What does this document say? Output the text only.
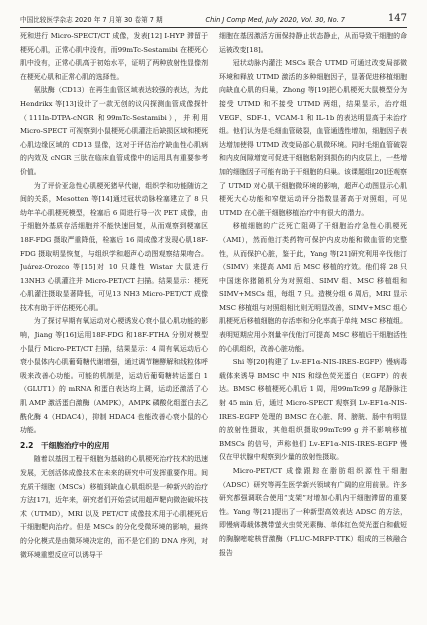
中国比较医学杂志 2020 年 7 月第 30 卷第 7 期	Chin J Comp Med, July 2020, Vol. 30, No. 7	147

死和进行 Micro-SPECT/CT 成像，发表[12] I-HYP 滞留于梗死心肌，正常心肌中没有，而99mTc-Sestamibi 在梗死心肌中没有，正常心肌高于初始水平，证明了两种放射性显像剂在梗死心肌和正常心肌的选择性。

氨肽酶（CD13）在再生血管区域表达较强的表达，为此 Hendrikx 等[13]设计了一款无创的议闪探测血管成像探针（111In-DTPA-cNGR 和99mTc-Sestamibi），并利用 Micro-SPECT 可视察到小鼠梗死心肌灌注后缺损区域和梗死心肌边缘区域的 CD13 显像，这对于评估治疗缺血性心肌病的内效及 cNGR 三肽在临床血管成像中的运用具有重要参考价值。

为了评价亚急性心肌梗死猪早代谢，组织学和功能随访之间的关系，Mesotten 等[14]通过冠状动脉栓塞建立了 8 只幼年羊心肌梗死模型，栓塞后 6 周进行导一次 PET 成像，由于细胞外基质存活细胞并不能快速回复，从而观察到梗塞区18F-FDG 摄取严重降低，栓塞后 16 周成像才发现心肌18F-FDG 摄取明显恢复，与组织学和超声心动图观察结果吻合。Juárez-Orozco 等[15]对 10 只雄性 Wistar 大鼠进行13NH3 心肌灌注并 Micro-PET/CT 扫描。结果显示：梗死心肌灌注摄取显著降低，可见13 NH3 Micro-PET/CT 成像技术有助于评估梗死心肌。

为了探讨早期有氧运动对心梗诱发心衰小鼠心肌功能的影响，Jiang 等[16]运用18F-FDG 和18F-FTHA 分别对模型小鼠行 Micro-PET/CT 扫描，结果显示：4 周有氧运动后心衰小鼠体内心肌葡萄糖代谢增强，通过调节糖酵解和线粒体呼吸来改善心功能。可能的机制是，运动后葡萄糖转运蛋白 1（GLUT1）的 mRNA 和蛋白表达均上调，运动还激活了心肌 AMP 激活蛋白激酶（AMPK），AMPK 磷酸化组蛋白去乙酰化酶 4（HDAC4），抑制 HDAC4 也能改善心衰小鼠的心功能。

2.2　干细胞治疗中的应用

随着以基因工程干细胞为基础的心肌梗死治疗技术的迅速发展，无创活体成像技术在未来的研究中可发挥重要作用。间充质干细胞（MSCs）移植到缺血心肌组织是一种新兴的治疗方法[17]，近年来，研究者们开始尝试用超声靶向微泡破坏技术（UTMD），MRI 以及 PET/CT 成像技术用于心肌梗死后干细胞靶向治疗。但是 MSCs 的分化受微环境的影响，最终的分化模式是由微环境决定的，而不是它们的 DNA 序列，对微环境重塑反应可以诱导干

细胞在基因激活方面保持静止状态静止，从而导致干细胞的命运被改变[18]。

冠状动脉内灌注 MSCs 联合 UTMD 可通过改变局部微环境和释放 UTMD 激活的多种细胞因子，显著促进移植细胞向缺血心肌的归巢，Zhong 等[19]把心肌梗死大鼠模型分为接受 UTMD 和不接受 UTMD 两组，结果显示，治疗组 VEGF、SDF-1、VCAM-1 和 IL-1b 的表达明显高于未治疗组。他们认为是毛细血管破裂，血管通透性增加，细胞因子表达增加使得 UTMD 改变局部心肌微环境。同时毛细血管破裂和内皮间隙增宽可促进干细胞粘附到损伤的内皮层上，一些增加的细胞因子可能有助于干细胞的归巢。该课题组[20]还观察了 UTMD 对心肌干细胞微环境的影响，超声心动图显示心肌梗死大心功能和窄壁运动评分指数显著高于对照组，可见 UTMD 在心脏干细胞移植治疗中有很大的潜力。

移植细胞的广泛死亡阻碍了干细胞治疗急性心肌梗死（AMI），然而他汀类药物可保护内皮功能和微血管的完整性，从而保护心脏，鉴于此，Yang 等[21]研究利用辛伐他汀（SIMV）来提高 AMI 后 MSC 移植的疗效。他们将 28 只中国迷你猪随机分为对照组、SIMV 组、MSC 移植组和 SIMV+MSCs 组，每组 7 只。造模分组 6 周后，MRI 显示 MSC 移植组与对照组相比则无明显改善，SIMV+MSC 组心肌梗死后移植细胞的存活率和分化率高于单纯 MSC 移植组。表明短期应用小剂量辛伐他汀可提高 MSC 移植后干细胞活性的心肌组织，改善心脏功能。

Shi 等[20]构建了 Lv-EF1α-NIS-IRES-EGFP）慢病毒载体来诱导 BMSC 中 NIS 和绿色荧光蛋白（EGFP）的表达。BMSC 移植梗死心肌后 1 周，用99mTc99 g 尾静脉注射 45 min 后，通过 Micro-SPECT 观察到 Lv-EF1α-NIS-IRES-EGFP 处理的 BMSC 在心脏、肾、膀胱、肠中有明显的放射性摄取，其他组织摄取99mTc99 g 并不影响移植 BMSCs 的信号，声称他们 Lv-EF1α-NIS-IRES-EGFP 慢仅在甲状腺中观察到少量的放射性摄取。

Micro-PET/CT 成像跟踪在脂肪组织源性干细胞（ADSC）研究等再生医学新兴领域有广阔的应用前景。许多研究都强调联合使用“支架”对增加心肌内干细胞滞留的重要性。Yang 等[21]提出了一种新型高效表达 ADSC 的方法，即慢病毒载体携带萤火虫荧光素酶、单体红色荧光蛋白和截短的胸腺嘧啶核苷激酶（FLUC-MRFP-TTK）组成的三核融合报告
